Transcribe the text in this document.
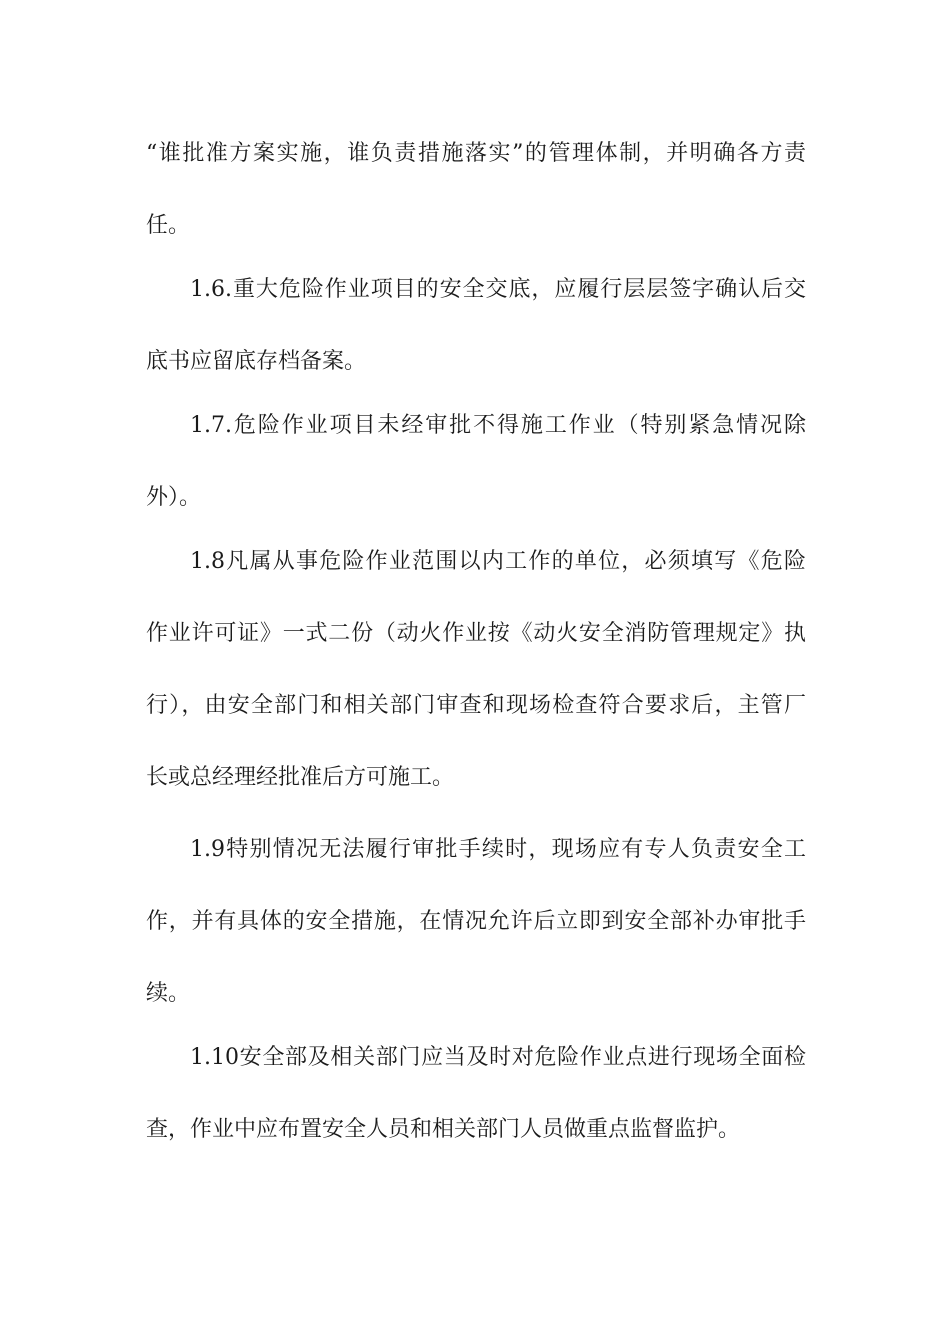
“谁批准方案实施，谁负责措施落实”的管理体制，并明确各方责
任。
1.6.重大危险作业项目的安全交底，应履行层层签字确认后交
底书应留底存档备案。
1.7.危险作业项目未经审批不得施工作业（特别紧急情况除
外）。
1.8凡属从事危险作业范围以内工作的单位，必须填写《危险
作业许可证》一式二份（动火作业按《动火安全消防管理规定》执
行），由安全部门和相关部门审查和现场检查符合要求后，主管厂
长或总经理经批准后方可施工。
1.9特别情况无法履行审批手续时，现场应有专人负责安全工
作，并有具体的安全措施，在情况允许后立即到安全部补办审批手
续。
1.10安全部及相关部门应当及时对危险作业点进行现场全面检
查，作业中应布置安全人员和相关部门人员做重点监督监护。
